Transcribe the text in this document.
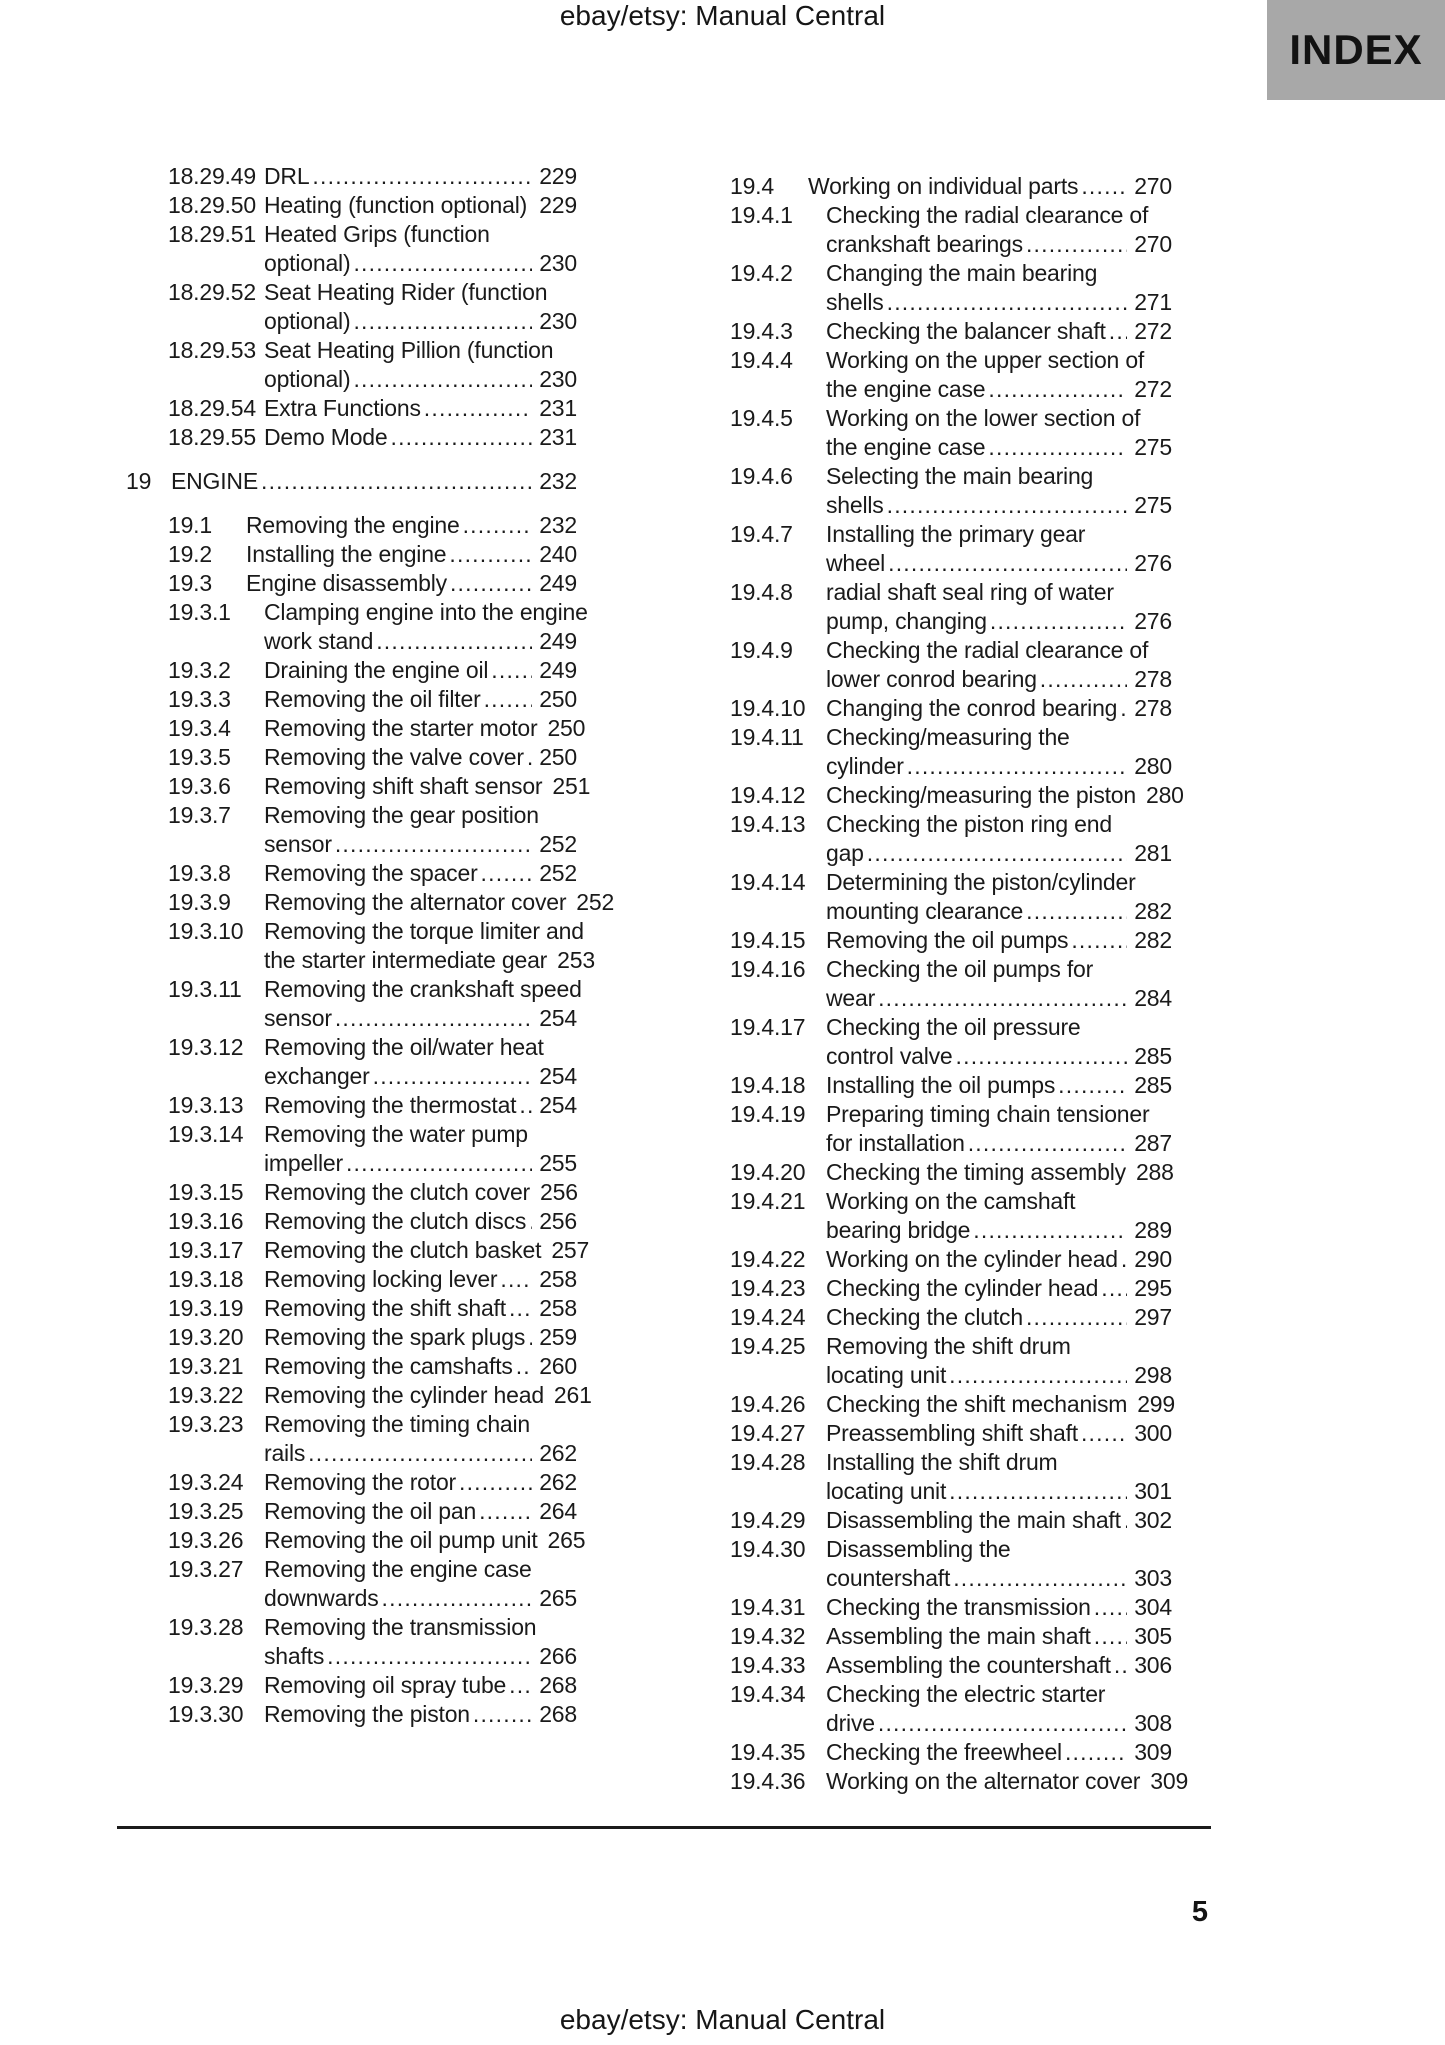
ebay/etsy: Manual Central
INDEX
18.29.49 DRL .....	229
18.29.50 Heating (function optional) ..... 229
18.29.51 Heated Grips (function
optional) .....	230
18.29.52 Seat Heating Rider (function
optional) .....	230
18.29.53 Seat Heating Pillion (function
optional) .....	230
18.29.54 Extra Functions .....	231
18.29.55 Demo Mode .....	231
19 ENGINE .....	232
19.1	Removing the engine .....	232
19.2	Installing the engine .....	240
19.3	Engine disassembly .....	249
19.3.1	Clamping engine into the engine
work stand .....	249
19.3.2	Draining the engine oil ..... 249
19.3.3	Removing the oil filter .....	250
19.3.4	Removing the starter motor 250
19.3.5	Removing the valve cover ..... 250
19.3.6	Removing shift shaft sensor 251
19.3.7	Removing the gear position
sensor .....	252
19.3.8	Removing the spacer .....	252
19.3.9	Removing the alternator cover 252
19.3.10 Removing the torque limiter and
the starter intermediate gear 253
19.3.11 Removing the crankshaft speed
sensor .....	254
19.3.12 Removing the oil/water heat
exchanger .....	254
19.3.13 Removing the thermostat ..... 254
19.3.14 Removing the water pump
impeller .....	255
19.3.15 Removing the clutch cover 256
19.3.16 Removing the clutch discs ..... 256
19.3.17 Removing the clutch basket 257
19.3.18 Removing locking lever ..... 258
19.3.19 Removing the shift shaft ..... 258
19.3.20 Removing the spark plugs ..... 259
19.3.21 Removing the camshafts ..... 260
19.3.22 Removing the cylinder head 261
19.3.23 Removing the timing chain
rails .....	262
19.3.24 Removing the rotor .....	262
19.3.25 Removing the oil pan .....	264
19.3.26 Removing the oil pump unit 265
19.3.27 Removing the engine case
downwards .....	265
19.3.28 Removing the transmission
shafts .....	266
19.3.29 Removing oil spray tube ..... 268
19.3.30 Removing the piston .....	268
19.4	Working on individual parts ..... 270
19.4.1	Checking the radial clearance of
crankshaft bearings .....	270
19.4.2	Changing the main bearing
shells .....	271
19.4.3	Checking the balancer shaft ..... 272
19.4.4	Working on the upper section of
the engine case .....	272
19.4.5	Working on the lower section of
the engine case .....	275
19.4.6	Selecting the main bearing
shells .....	275
19.4.7	Installing the primary gear
wheel .....	276
19.4.8	radial shaft seal ring of water
pump, changing .....	276
19.4.9	Checking the radial clearance of
lower conrod bearing .....	278
19.4.10 Changing the conrod bearing ..... 278
19.4.11 Checking/measuring the
cylinder .....	280
19.4.12 Checking/measuring the piston 280
19.4.13 Checking the piston ring end
gap .....	281
19.4.14 Determining the piston/cylinder
mounting clearance .....	282
19.4.15 Removing the oil pumps .....	282
19.4.16 Checking the oil pumps for
wear .....	284
19.4.17 Checking the oil pressure
control valve .....	285
19.4.18 Installing the oil pumps .....	285
19.4.19 Preparing timing chain tensioner
for installation .....	287
19.4.20 Checking the timing assembly 288
19.4.21 Working on the camshaft
bearing bridge .....	289
19.4.22 Working on the cylinder head ..... 290
19.4.23 Checking the cylinder head ..... 295
19.4.24 Checking the clutch .....	297
19.4.25 Removing the shift drum
locating unit .....	298
19.4.26 Checking the shift mechanism 299
19.4.27 Preassembling shift shaft ..... 300
19.4.28 Installing the shift drum
locating unit .....	301
19.4.29 Disassembling the main shaft ..... 302
19.4.30 Disassembling the
countershaft .....	303
19.4.31 Checking the transmission ..... 304
19.4.32 Assembling the main shaft ..... 305
19.4.33 Assembling the countershaft ..... 306
19.4.34 Checking the electric starter
drive .....	308
19.4.35 Checking the freewheel .....	309
19.4.36 Working on the alternator cover 309
5
ebay/etsy: Manual Central
